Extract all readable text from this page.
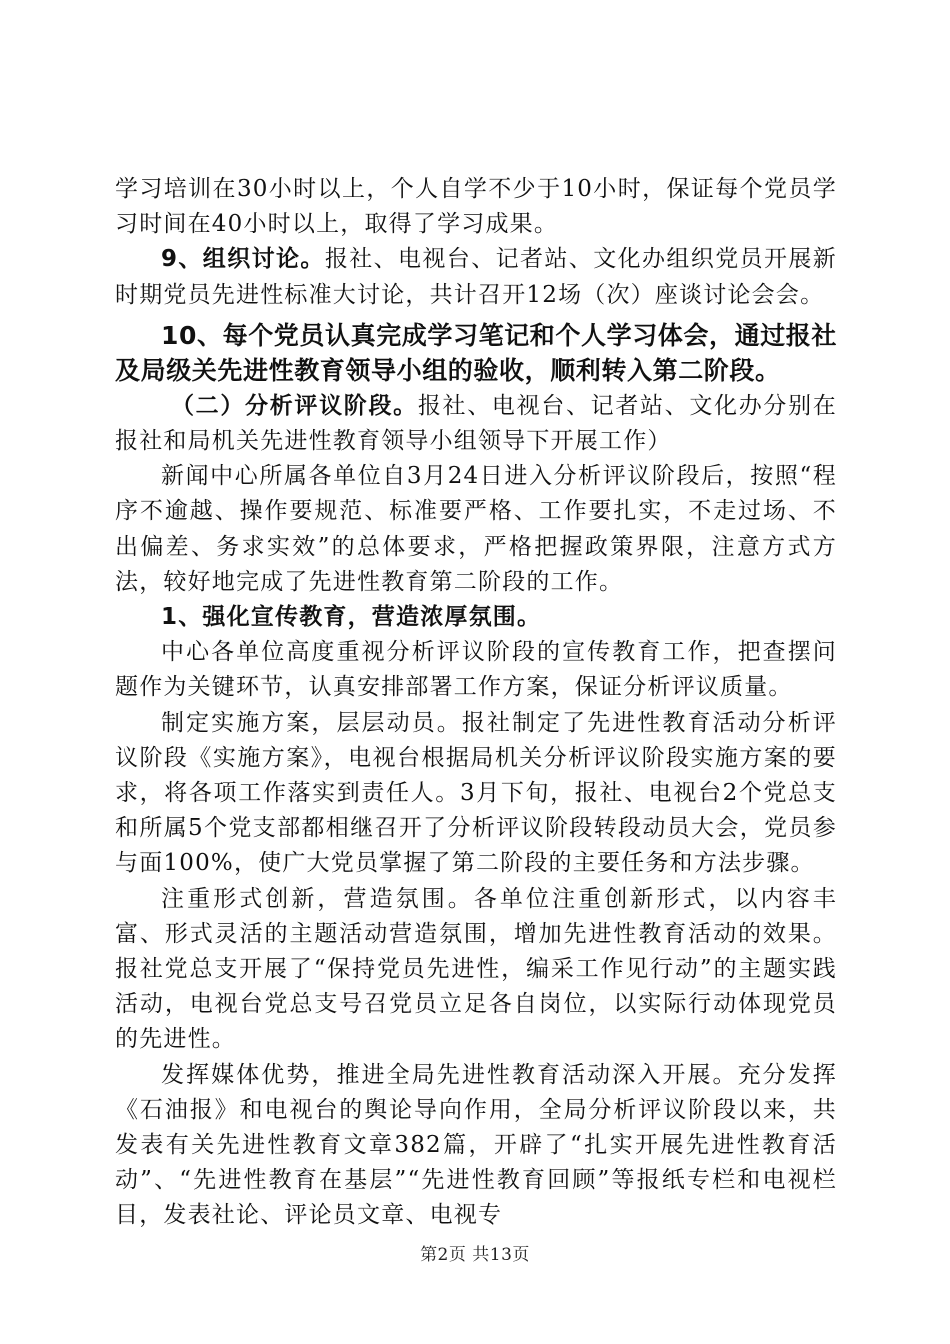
学习培训在30小时以上，个人自学不少于10小时，保证每个党员学习时间在40小时以上，取得了学习成果。

9、组织讨论。报社、电视台、记者站、文化办组织党员开展新时期党员先进性标准大讨论，共计召开12场（次）座谈讨论会会。

10、每个党员认真完成学习笔记和个人学习体会，通过报社及局级关先进性教育领导小组的验收，顺利转入第二阶段。

（二）分析评议阶段。报社、电视台、记者站、文化办分别在报社和局机关先进性教育领导小组领导下开展工作）

新闻中心所属各单位自3月24日进入分析评议阶段后，按照“程序不逾越、操作要规范、标准要严格、工作要扎实，不走过场、不出偏差、务求实效”的总体要求，严格把握政策界限，注意方式方法，较好地完成了先进性教育第二阶段的工作。

1、强化宣传教育，营造浓厚氛围。

中心各单位高度重视分析评议阶段的宣传教育工作，把查摆问题作为关键环节，认真安排部署工作方案，保证分析评议质量。

制定实施方案，层层动员。报社制定了先进性教育活动分析评议阶段《实施方案》，电视台根据局机关分析评议阶段实施方案的要求，将各项工作落实到责任人。3月下旬，报社、电视台2个党总支和所属5个党支部都相继召开了分析评议阶段转段动员大会，党员参与面100%，使广大党员掌握了第二阶段的主要任务和方法步骤。

注重形式创新，营造氛围。各单位注重创新形式，以内容丰富、形式灵活的主题活动营造氛围，增加先进性教育活动的效果。报社党总支开展了“保持党员先进性，编采工作见行动”的主题实践活动，电视台党总支号召党员立足各自岗位，以实际行动体现党员的先进性。

发挥媒体优势，推进全局先进性教育活动深入开展。充分发挥《石油报》和电视台的舆论导向作用，全局分析评议阶段以来，共发表有关先进性教育文章382篇，开辟了“扎实开展先进性教育活动”、“先进性教育在基层”“先进性教育回顾”等报纸专栏和电视栏目，发表社论、评论员文章、电视专

第2页 共13页
